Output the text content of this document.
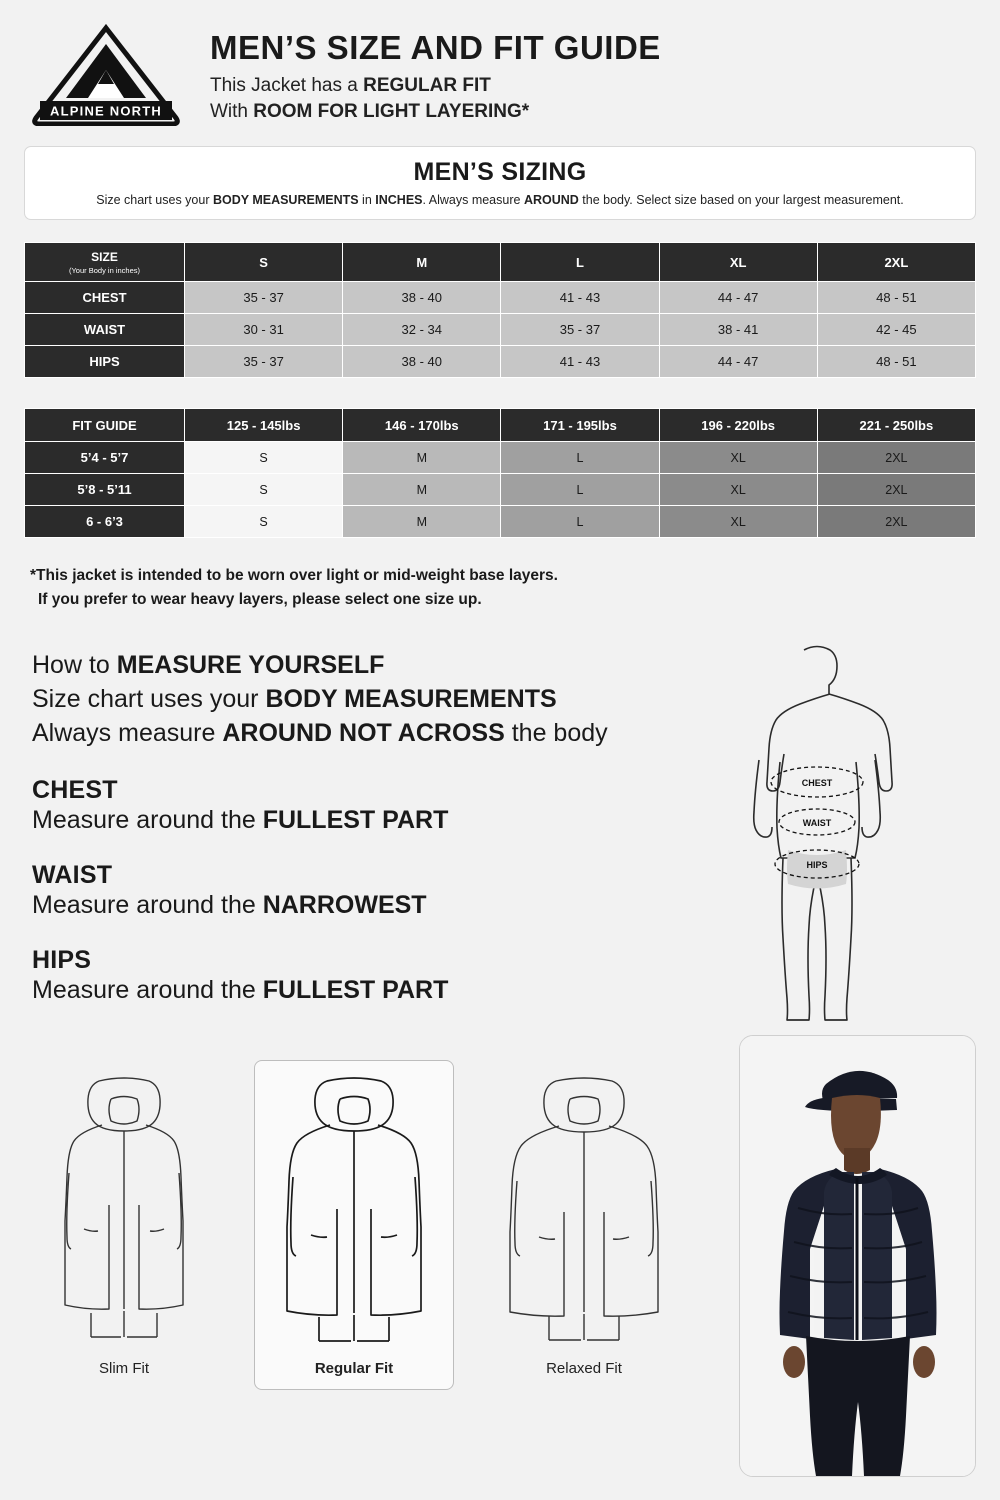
ALPINE NORTH
MEN’S SIZE AND FIT GUIDE
This Jacket has a REGULAR FIT
With ROOM FOR LIGHT LAYERING*
MEN’S SIZING

Size chart uses your BODY MEASUREMENTS in INCHES. Always measure AROUND the body. Select size based on your largest measurement.

SIZE
(Your Body in inches)	S	M	L	XL	2XL
CHEST	35 - 37	38 - 40	41 - 43	44 - 47	48 - 51
WAIST	30 - 31	32 - 34	35 - 37	38 - 41	42 - 45
HIPS	35 - 37	38 - 40	41 - 43	44 - 47	48 - 51
FIT GUIDE	125 - 145lbs	146 - 170lbs	171 - 195lbs	196 - 220lbs	221 - 250lbs
5’4 - 5’7	S	M	L	XL	2XL
5’8 - 5’11	S	M	L	XL	2XL
6 - 6’3	S	M	L	XL	2XL
*This jacket is intended to be worn over light or mid-weight base layers.
If you prefer to wear heavy layers, please select one size up.
How to MEASURE YOURSELF
Size chart uses your BODY MEASUREMENTS
Always measure AROUND NOT ACROSS the body
CHEST

Measure around the FULLEST PART

WAIST

Measure around the NARROWEST

HIPS

Measure around the FULLEST PART

CHEST
WAIST
HIPS
Slim Fit	Regular Fit	Relaxed Fit
